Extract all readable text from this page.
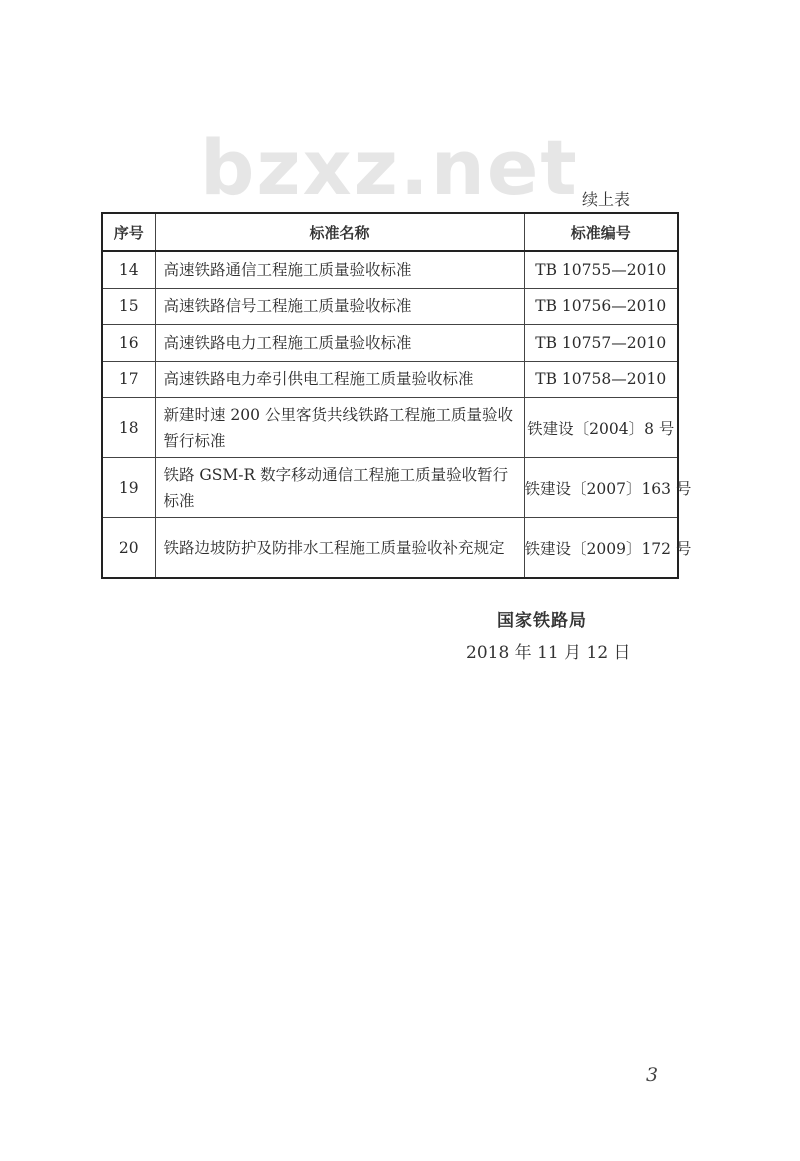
bzxz.net 续上表
序号	标准名称	标准编号
14	高速铁路通信工程施工质量验收标准	TB 10755—2010
15	高速铁路信号工程施工质量验收标准	TB 10756—2010
16	高速铁路电力工程施工质量验收标准	TB 10757—2010
17	高速铁路电力牵引供电工程施工质量验收标准	TB 10758—2010
18	新建时速 200 公里客货共线铁路工程施工质量验收暂行标准	铁建设〔2004〕8 号
19	铁路 GSM-R 数字移动通信工程施工质量验收暂行标准	铁建设〔2007〕163 号
20	铁路边坡防护及防排水工程施工质量验收补充规定	铁建设〔2009〕172 号
国家铁路局
2018 年 11 月 12 日
3
